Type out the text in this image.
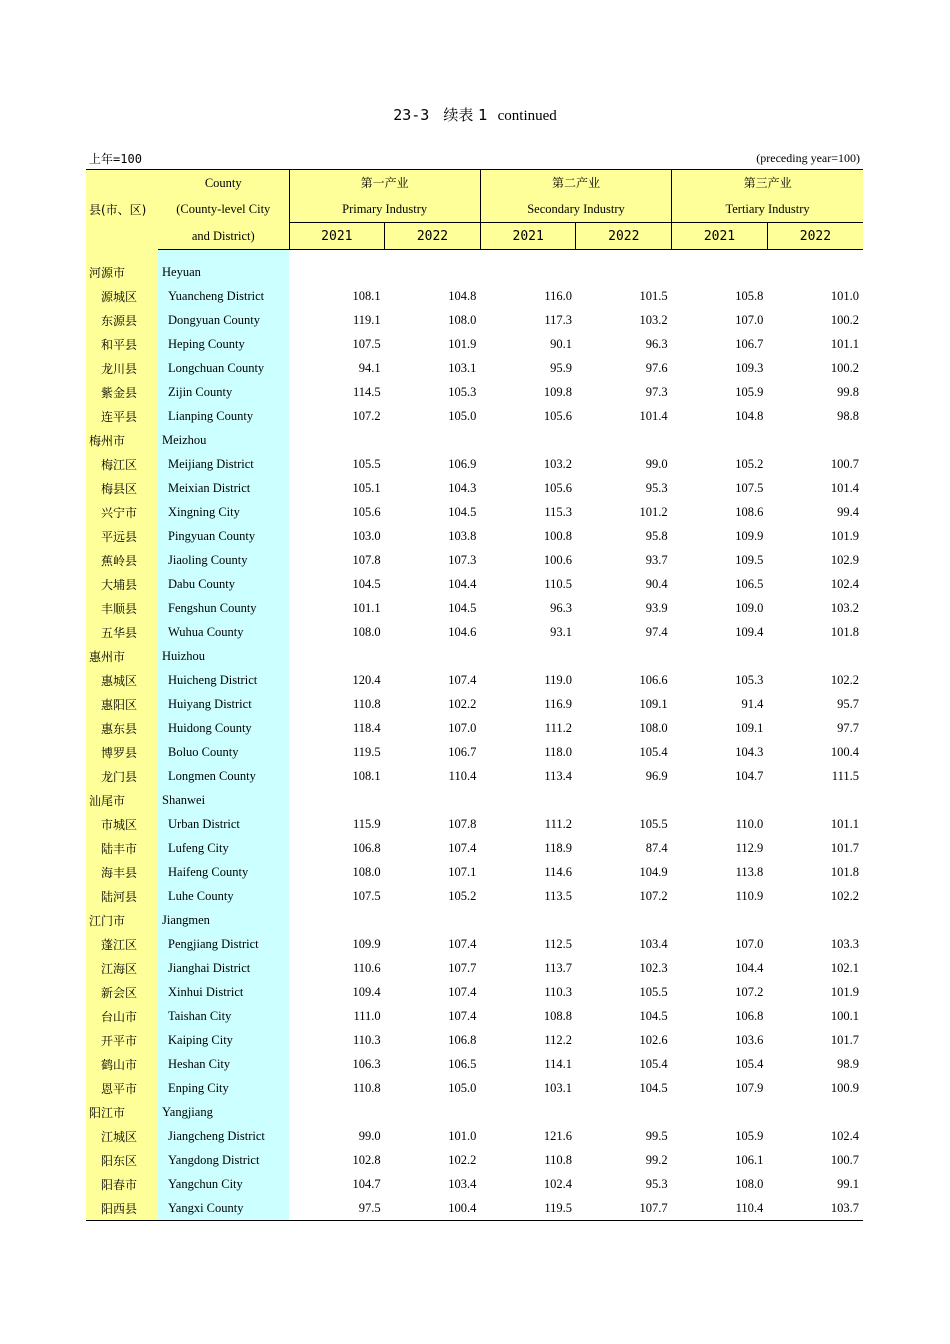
23-3 续表 1 continued
上年=100	(preceding year=100)
县(市、区)	County	第一产业		第二产业		第三产业	
	(County-level City	Primary Industry		Secondary Industry		Tertiary Industry	
	and District)	2021	2022	2021	2022	2021	2022

河源市	Heyuan						
源城区	Yuancheng District	108.1	104.8	116.0	101.5	105.8	101.0
东源县	Dongyuan County	119.1	108.0	117.3	103.2	107.0	100.2
和平县	Heping County	107.5	101.9	90.1	96.3	106.7	101.1
龙川县	Longchuan County	94.1	103.1	95.9	97.6	109.3	100.2
紫金县	Zijin County	114.5	105.3	109.8	97.3	105.9	99.8
连平县	Lianping County	107.2	105.0	105.6	101.4	104.8	98.8
梅州市	Meizhou						
梅江区	Meijiang District	105.5	106.9	103.2	99.0	105.2	100.7
梅县区	Meixian District	105.1	104.3	105.6	95.3	107.5	101.4
兴宁市	Xingning City	105.6	104.5	115.3	101.2	108.6	99.4
平远县	Pingyuan County	103.0	103.8	100.8	95.8	109.9	101.9
蕉岭县	Jiaoling County	107.8	107.3	100.6	93.7	109.5	102.9
大埔县	Dabu County	104.5	104.4	110.5	90.4	106.5	102.4
丰顺县	Fengshun County	101.1	104.5	96.3	93.9	109.0	103.2
五华县	Wuhua County	108.0	104.6	93.1	97.4	109.4	101.8
惠州市	Huizhou						
惠城区	Huicheng District	120.4	107.4	119.0	106.6	105.3	102.2
惠阳区	Huiyang District	110.8	102.2	116.9	109.1	91.4	95.7
惠东县	Huidong County	118.4	107.0	111.2	108.0	109.1	97.7
博罗县	Boluo County	119.5	106.7	118.0	105.4	104.3	100.4
龙门县	Longmen County	108.1	110.4	113.4	96.9	104.7	111.5
汕尾市	Shanwei						
市城区	Urban District	115.9	107.8	111.2	105.5	110.0	101.1
陆丰市	Lufeng City	106.8	107.4	118.9	87.4	112.9	101.7
海丰县	Haifeng County	108.0	107.1	114.6	104.9	113.8	101.8
陆河县	Luhe County	107.5	105.2	113.5	107.2	110.9	102.2
江门市	Jiangmen						
蓬江区	Pengjiang District	109.9	107.4	112.5	103.4	107.0	103.3
江海区	Jianghai District	110.6	107.7	113.7	102.3	104.4	102.1
新会区	Xinhui District	109.4	107.4	110.3	105.5	107.2	101.9
台山市	Taishan City	111.0	107.4	108.8	104.5	106.8	100.1
开平市	Kaiping City	110.3	106.8	112.2	102.6	103.6	101.7
鹤山市	Heshan City	106.3	106.5	114.1	105.4	105.4	98.9
恩平市	Enping City	110.8	105.0	103.1	104.5	107.9	100.9
阳江市	Yangjiang						
江城区	Jiangcheng District	99.0	101.0	121.6	99.5	105.9	102.4
阳东区	Yangdong District	102.8	102.2	110.8	99.2	106.1	100.7
阳春市	Yangchun City	104.7	103.4	102.4	95.3	108.0	99.1
阳西县	Yangxi County	97.5	100.4	119.5	107.7	110.4	103.7
